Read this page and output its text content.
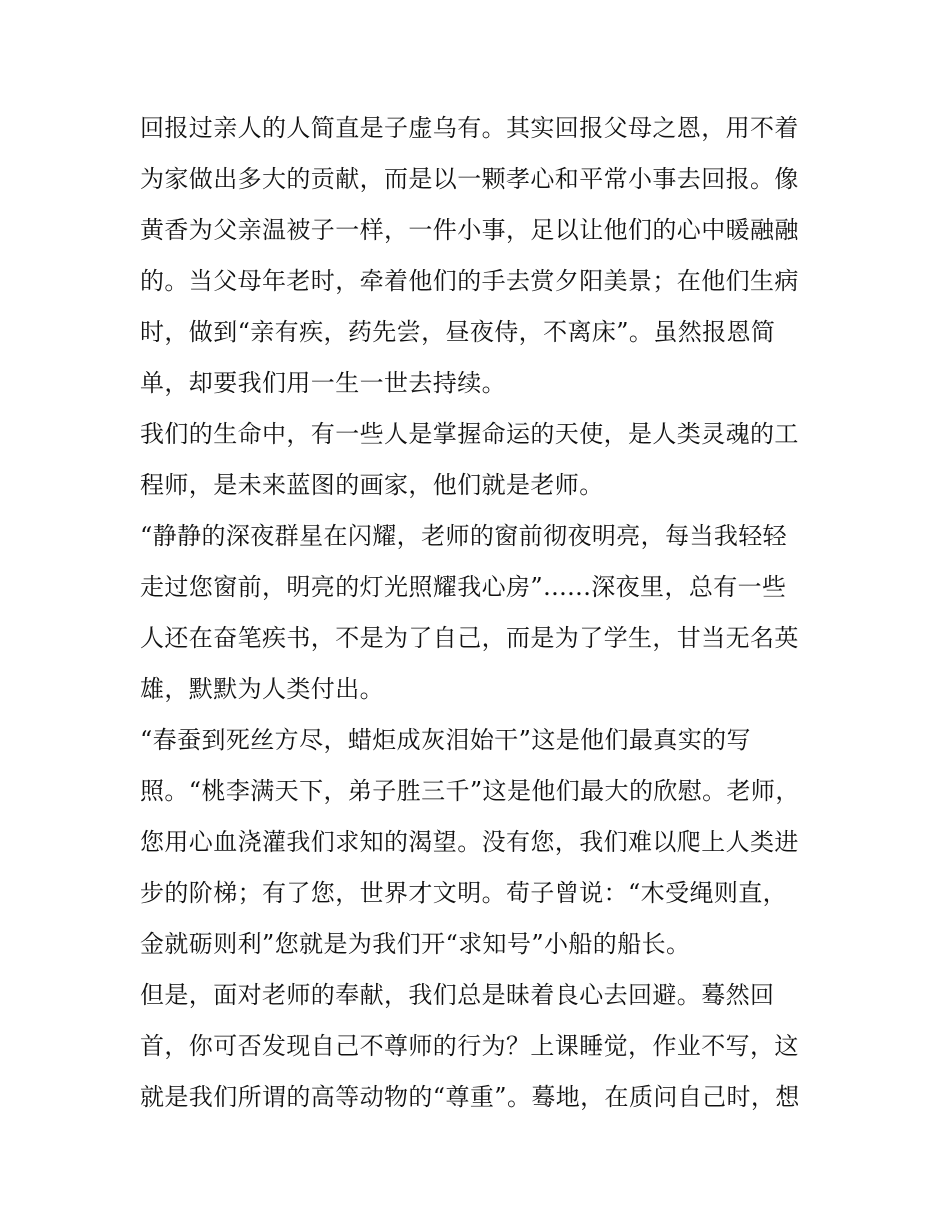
回报过亲人的人简直是子虚乌有。其实回报父母之恩，用不着
为家做出多大的贡献，而是以一颗孝心和平常小事去回报。像
黄香为父亲温被子一样，一件小事，足以让他们的心中暖融融
的。当父母年老时，牵着他们的手去赏夕阳美景；在他们生病
时，做到“亲有疾，药先尝，昼夜侍，不离床”。虽然报恩简
单，却要我们用一生一世去持续。
我们的生命中，有一些人是掌握命运的天使，是人类灵魂的工
程师，是未来蓝图的画家，他们就是老师。
“静静的深夜群星在闪耀，老师的窗前彻夜明亮，每当我轻轻
走过您窗前，明亮的灯光照耀我心房”......深夜里，总有一些
人还在奋笔疾书，不是为了自己，而是为了学生，甘当无名英
雄，默默为人类付出。
“春蚕到死丝方尽，蜡炬成灰泪始干”这是他们最真实的写
照。“桃李满天下，弟子胜三千”这是他们最大的欣慰。老师，
您用心血浇灌我们求知的渴望。没有您，我们难以爬上人类进
步的阶梯；有了您，世界才文明。荀子曾说：“木受绳则直，
金就砺则利”您就是为我们开“求知号”小船的船长。
但是，面对老师的奉献，我们总是昧着良心去回避。蓦然回
首，你可否发现自己不尊师的行为？上课睡觉，作业不写，这
就是我们所谓的高等动物的“尊重”。蓦地，在质问自己时，想
